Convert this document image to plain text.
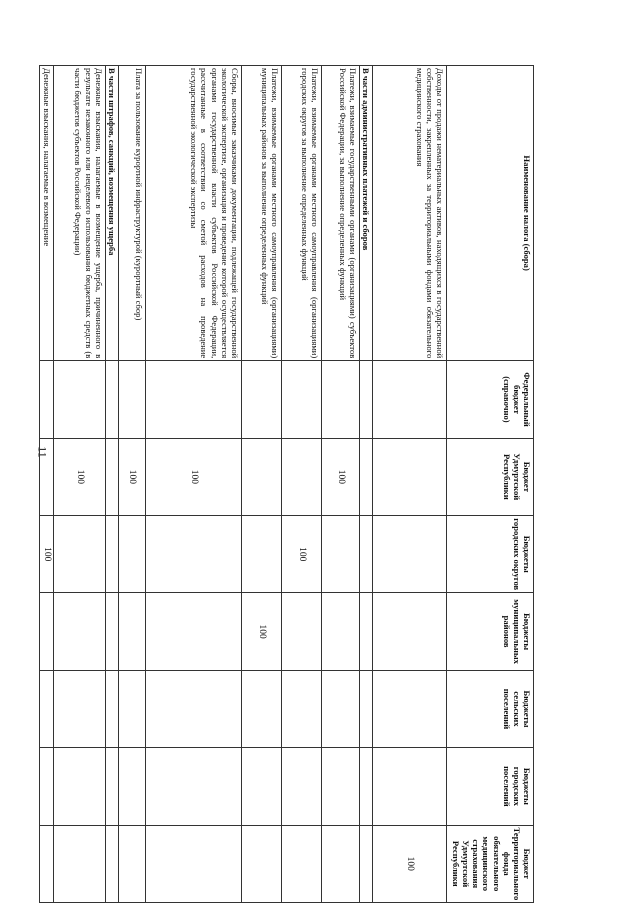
11
Наименование налога (сбора)	Федеральный бюджет (справочно)	Бюджет Удмуртской Республики	Бюджеты городских округов	Бюджеты муниципальных районов	Бюджеты сельских поселений	Бюджеты городских поселений	Бюджет Территориального фонда обязательного медицинского страхования Удмуртской Республики
Доходы от продажи нематериальных активов, находящихся в государственной собственности, закрепленных за территориальными фондами обязательного медицинского страхования							100
В части административных платежей и сборов							
Платежи, взимаемые государственными органами (организациями) субъектов Российской Федерации, за выполнение определенных функций		100					
Платежи, взимаемые органами местного самоуправления (организациями) городских округов за выполнение определенных функций			100				
Платежи, взимаемые органами местного самоуправления (организациями) муниципальных районов за выполнение определенных функций				100			
Сборы, вносимые заказчиками документации, подлежащей государственной экологической экспертизе, организация и проведение которой осуществляется органами государственной власти субъектов Российской Федерации, рассчитанные в соответствии со сметой расходов на проведение государственной экологической экспертизы		100					
Плата за пользование курортной инфраструктурой (курортный сбор)		100					
В части штрафов, санкций, возмещения ущерба							
Денежные взыскания, налагаемые в возмещение ущерба, причиненного в результате незаконного или нецелевого использования бюджетных средств (в части бюджетов субъектов Российской Федерации)		100					
Денежные взыскания, налагаемые в возмещение			100				
